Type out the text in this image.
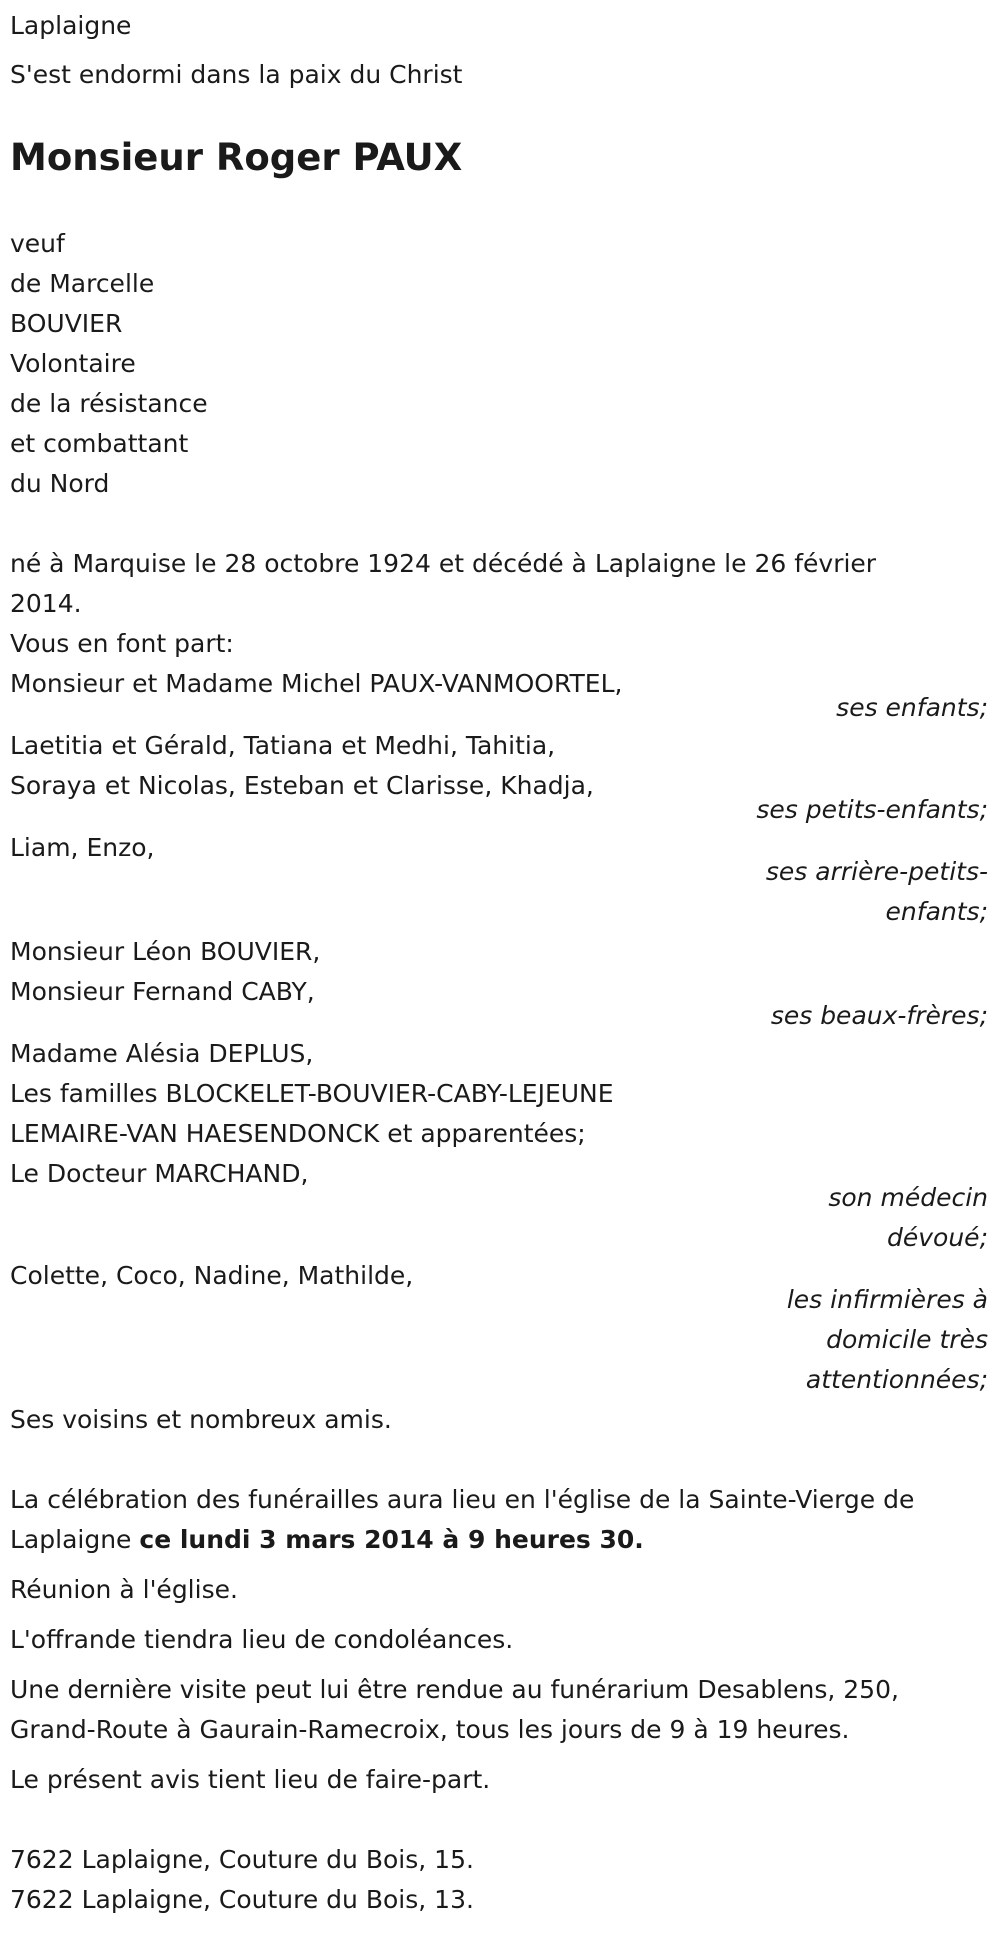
Laplaigne
S'est endormi dans la paix du Christ
Monsieur Roger PAUX
veuf
de Marcelle
BOUVIER
Volontaire
de la résistance
et combattant
du Nord
né à Marquise le 28 octobre 1924 et décédé à Laplaigne le 26 février
2014.
Vous en font part:
Monsieur et Madame Michel PAUX-VANMOORTEL,
ses enfants;
Laetitia et Gérald, Tatiana et Medhi, Tahitia,
Soraya et Nicolas, Esteban et Clarisse, Khadja,
ses petits-enfants;
Liam, Enzo,
ses arrière-petits-
enfants;
Monsieur Léon BOUVIER,
Monsieur Fernand CABY,
ses beaux-frères;
Madame Alésia DEPLUS,
Les familles BLOCKELET-BOUVIER-CABY-LEJEUNE
LEMAIRE-VAN HAESENDONCK et apparentées;
Le Docteur MARCHAND,
son médecin
dévoué;
Colette, Coco, Nadine, Mathilde,
les infirmières à
domicile très
attentionnées;
Ses voisins et nombreux amis.
La célébration des funérailles aura lieu en l'église de la Sainte-Vierge de
Laplaigne ce lundi 3 mars 2014 à 9 heures 30.
Réunion à l'église.
L'offrande tiendra lieu de condoléances.
Une dernière visite peut lui être rendue au funérarium Desablens, 250,
Grand-Route à Gaurain-Ramecroix, tous les jours de 9 à 19 heures.
Le présent avis tient lieu de faire-part.
7622 Laplaigne, Couture du Bois, 15.
7622 Laplaigne, Couture du Bois, 13.
